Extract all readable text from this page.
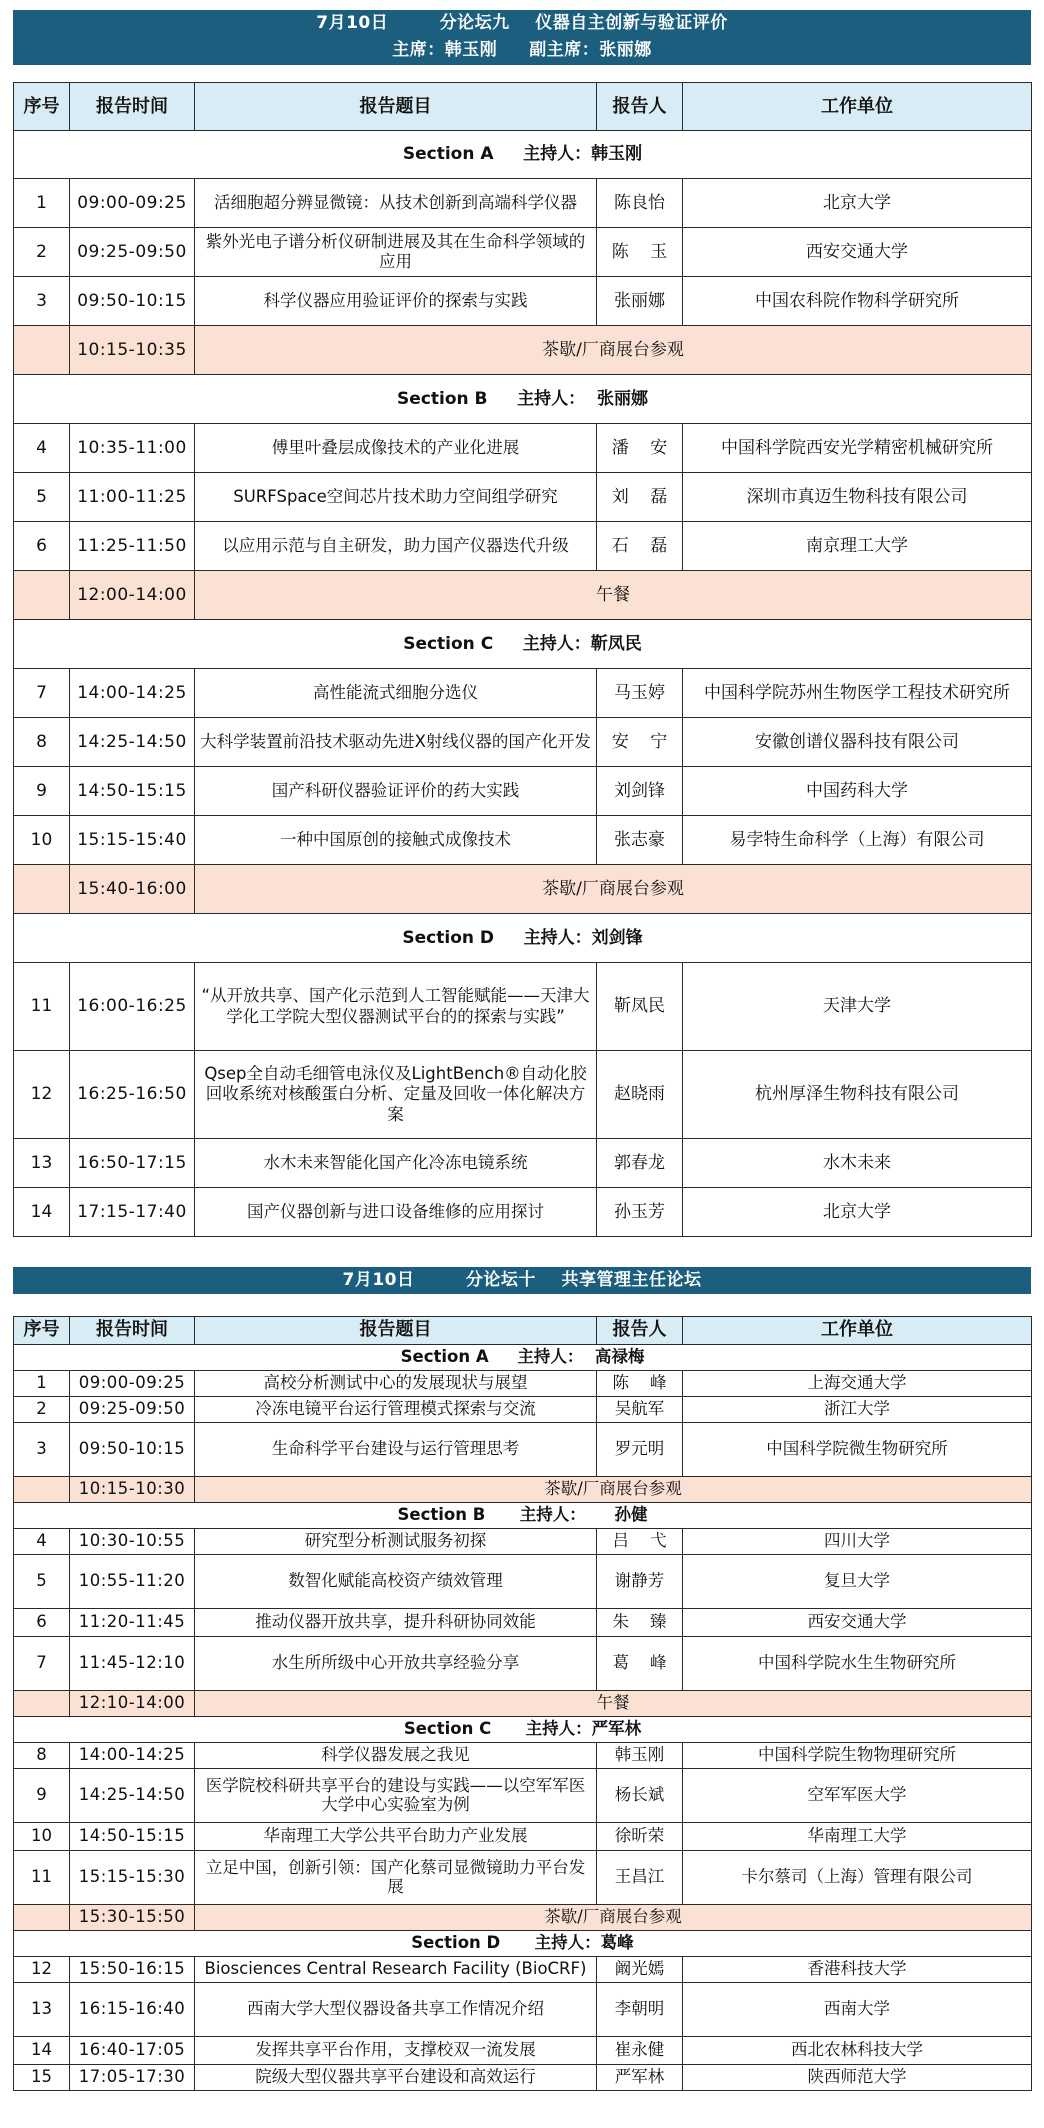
7月10日        分论坛九    仪器自主创新与验证评价
主席：韩玉刚     副主席：张丽娜
序号	报告时间	报告题目	报告人	工作单位
Section A     主持人：韩玉刚				
1	09:00-09:25	活细胞超分辨显微镜：从技术创新到高端科学仪器	陈良怡	北京大学
2	09:25-09:50	紫外光电子谱分析仪研制进展及其在生命科学领域的应用	陈    玉	西安交通大学
3	09:50-10:15	科学仪器应用验证评价的探索与实践	张丽娜	中国农科院作物科学研究所
	10:15-10:35	茶歇/厂商展台参观		
Section B     主持人：  张丽娜				
4	10:35-11:00	傅里叶叠层成像技术的产业化进展	潘    安	中国科学院西安光学精密机械研究所
5	11:00-11:25	SURFSpace空间芯片技术助力空间组学研究	刘    磊	深圳市真迈生物科技有限公司
6	11:25-11:50	以应用示范与自主研发，助力国产仪器迭代升级	石    磊	南京理工大学
	12:00-14:00	午餐		
Section C     主持人：靳凤民				
7	14:00-14:25	高性能流式细胞分选仪	马玉婷	中国科学院苏州生物医学工程技术研究所
8	14:25-14:50	大科学装置前沿技术驱动先进X射线仪器的国产化开发	安    宁	安徽创谱仪器科技有限公司
9	14:50-15:15	国产科研仪器验证评价的药大实践	刘剑锋	中国药科大学
10	15:15-15:40	一种中国原创的接触式成像技术	张志豪	易孛特生命科学（上海）有限公司
	15:40-16:00	茶歇/厂商展台参观		
Section D     主持人：刘剑锋				
11	16:00-16:25	“从开放共享、国产化示范到人工智能赋能——天津大学化工学院大型仪器测试平台的的探索与实践”	靳凤民	天津大学
12	16:25-16:50	Qsep全自动毛细管电泳仪及LightBench®自动化胶回收系统对核酸蛋白分析、定量及回收一体化解决方案	赵晓雨	杭州厚泽生物科技有限公司
13	16:50-17:15	水木未来智能化国产化冷冻电镜系统	郭春龙	水木未来
14	17:15-17:40	国产仪器创新与进口设备维修的应用探讨	孙玉芳	北京大学
7月10日        分论坛十    共享管理主任论坛
序号	报告时间	报告题目	报告人	工作单位
Section A     主持人：  高禄梅				
1	09:00-09:25	高校分析测试中心的发展现状与展望	陈    峰	上海交通大学
2	09:25-09:50	冷冻电镜平台运行管理模式探索与交流	吴航军	浙江大学
3	09:50-10:15	生命科学平台建设与运行管理思考	罗元明	中国科学院微生物研究所
	10:15-10:30	茶歇/厂商展台参观		
Section B      主持人：     孙健				
4	10:30-10:55	研究型分析测试服务初探	吕    弋	四川大学
5	10:55-11:20	数智化赋能高校资产绩效管理	谢静芳	复旦大学
6	11:20-11:45	推动仪器开放共享，提升科研协同效能	朱    臻	西安交通大学
7	11:45-12:10	水生所所级中心开放共享经验分享	葛    峰	中国科学院水生生物研究所
	12:10-14:00	午餐		
Section C      主持人：严军林				
8	14:00-14:25	科学仪器发展之我见	韩玉刚	中国科学院生物物理研究所
9	14:25-14:50	医学院校科研共享平台的建设与实践——以空军军医大学中心实验室为例	杨长斌	空军军医大学
10	14:50-15:15	华南理工大学公共平台助力产业发展	徐昕荣	华南理工大学
11	15:15-15:30	立足中国，创新引领：国产化蔡司显微镜助力平台发展	王昌江	卡尔蔡司（上海）管理有限公司
	15:30-15:50	茶歇/厂商展台参观		
Section D      主持人：葛峰				
12	15:50-16:15	Biosciences Central Research Facility (BioCRF)	阚光嫣	香港科技大学
13	16:15-16:40	西南大学大型仪器设备共享工作情况介绍	李朝明	西南大学
14	16:40-17:05	发挥共享平台作用，支撑校双一流发展	崔永健	西北农林科技大学
15	17:05-17:30	院级大型仪器共享平台建设和高效运行	严军林	陕西师范大学
